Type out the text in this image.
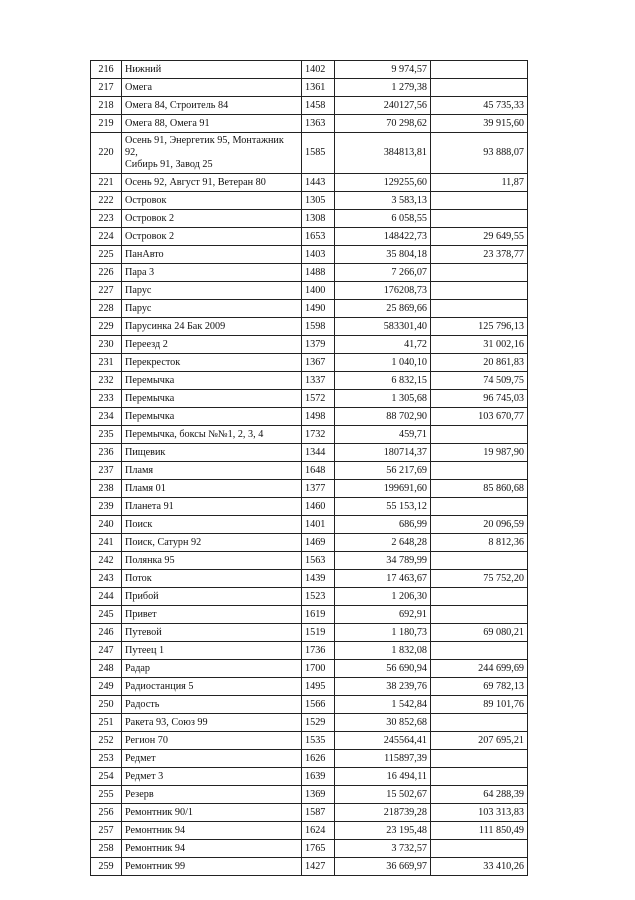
216	Нижний	1402	9 974,57	
217	Омега	1361	1 279,38	
218	Омега 84, Строитель 84	1458	240127,56	45 735,33
219	Омега 88, Омега 91	1363	70 298,62	39 915,60
220	Осень 91, Энергетик 95, Монтажник 92,
Сибирь 91, Завод 25	1585	384813,81	93 888,07
221	Осень 92, Август 91, Ветеран 80	1443	129255,60	11,87
222	Островок	1305	3 583,13	
223	Островок 2	1308	6 058,55	
224	Островок 2	1653	148422,73	29 649,55
225	ПанАвто	1403	35 804,18	23 378,77
226	Пара 3	1488	7 266,07	
227	Парус	1400	176208,73	
228	Парус	1490	25 869,66	
229	Парусинка 24 Бак 2009	1598	583301,40	125 796,13
230	Переезд 2	1379	41,72	31 002,16
231	Перекресток	1367	1 040,10	20 861,83
232	Перемычка	1337	6 832,15	74 509,75
233	Перемычка	1572	1 305,68	96 745,03
234	Перемычка	1498	88 702,90	103 670,77
235	Перемычка, боксы №№1, 2, 3, 4	1732	459,71	
236	Пищевик	1344	180714,37	19 987,90
237	Пламя	1648	56 217,69	
238	Пламя 01	1377	199691,60	85 860,68
239	Планета 91	1460	55 153,12	
240	Поиск	1401	686,99	20 096,59
241	Поиск, Сатурн 92	1469	2 648,28	8 812,36
242	Полянка 95	1563	34 789,99	
243	Поток	1439	17 463,67	75 752,20
244	Прибой	1523	1 206,30	
245	Привет	1619	692,91	
246	Путевой	1519	1 180,73	69 080,21
247	Путеец 1	1736	1 832,08	
248	Радар	1700	56 690,94	244 699,69
249	Радиостанция 5	1495	38 239,76	69 782,13
250	Радость	1566	1 542,84	89 101,76
251	Ракета 93, Союз 99	1529	30 852,68	
252	Регион 70	1535	245564,41	207 695,21
253	Редмет	1626	115897,39	
254	Редмет 3	1639	16 494,11	
255	Резерв	1369	15 502,67	64 288,39
256	Ремонтник 90/1	1587	218739,28	103 313,83
257	Ремонтник 94	1624	23 195,48	111 850,49
258	Ремонтник 94	1765	3 732,57	
259	Ремонтник 99	1427	36 669,97	33 410,26
